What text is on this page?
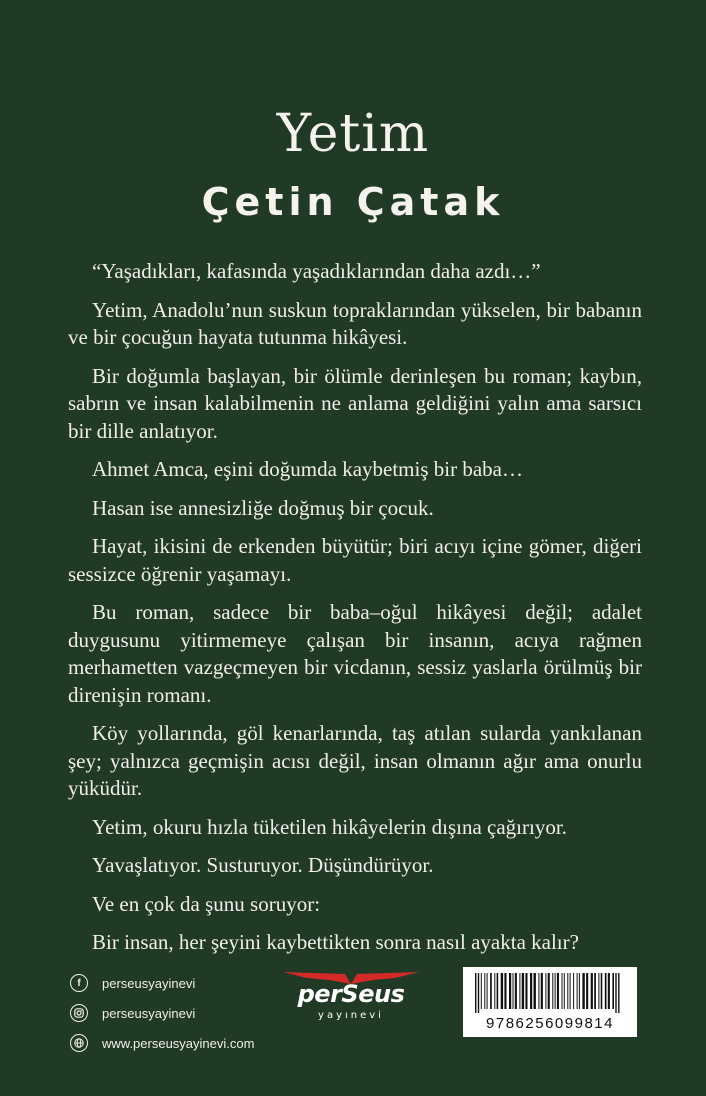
Yetim
Çetin Çatak

“Yaşadıkları, kafasında yaşadıklarından daha azdı…”

Yetim, Anadolu’nun suskun topraklarından yükselen, bir babanın ve bir çocuğun hayata tutunma hikâyesi.

Bir doğumla başlayan, bir ölümle derinleşen bu roman; kaybın, sabrın ve insan kalabilmenin ne anlama geldiğini yalın ama sarsıcı bir dille anlatıyor.

Ahmet Amca, eşini doğumda kaybetmiş bir baba…

Hasan ise annesizliğe doğmuş bir çocuk.

Hayat, ikisini de erkenden büyütür; biri acıyı içine gömer, diğeri sessizce öğrenir yaşamayı.

Bu roman, sadece bir baba–oğul hikâyesi değil; adalet duygusunu yitirmemeye çalışan bir insanın, acıya rağmen merhametten vazgeçmeyen bir vicdanın, sessiz yaslarla örülmüş bir direnişin romanı.

Köy yollarında, göl kenarlarında, taş atılan sularda yankılanan şey; yalnızca geçmişin acısı değil, insan olmanın ağır ama onurlu yüküdür.

Yetim, okuru hızla tüketilen hikâyelerin dışına çağırıyor.

Yavaşlatıyor. Susturuyor. Düşündürüyor.

Ve en çok da şunu soruyor:

Bir insan, her şeyini kaybettikten sonra nasıl ayakta kalır?

f	perseusyayinevi
perseusyayinevi
www.perseusyayinevi.com
perSeus
yayınevi	9786256099814
